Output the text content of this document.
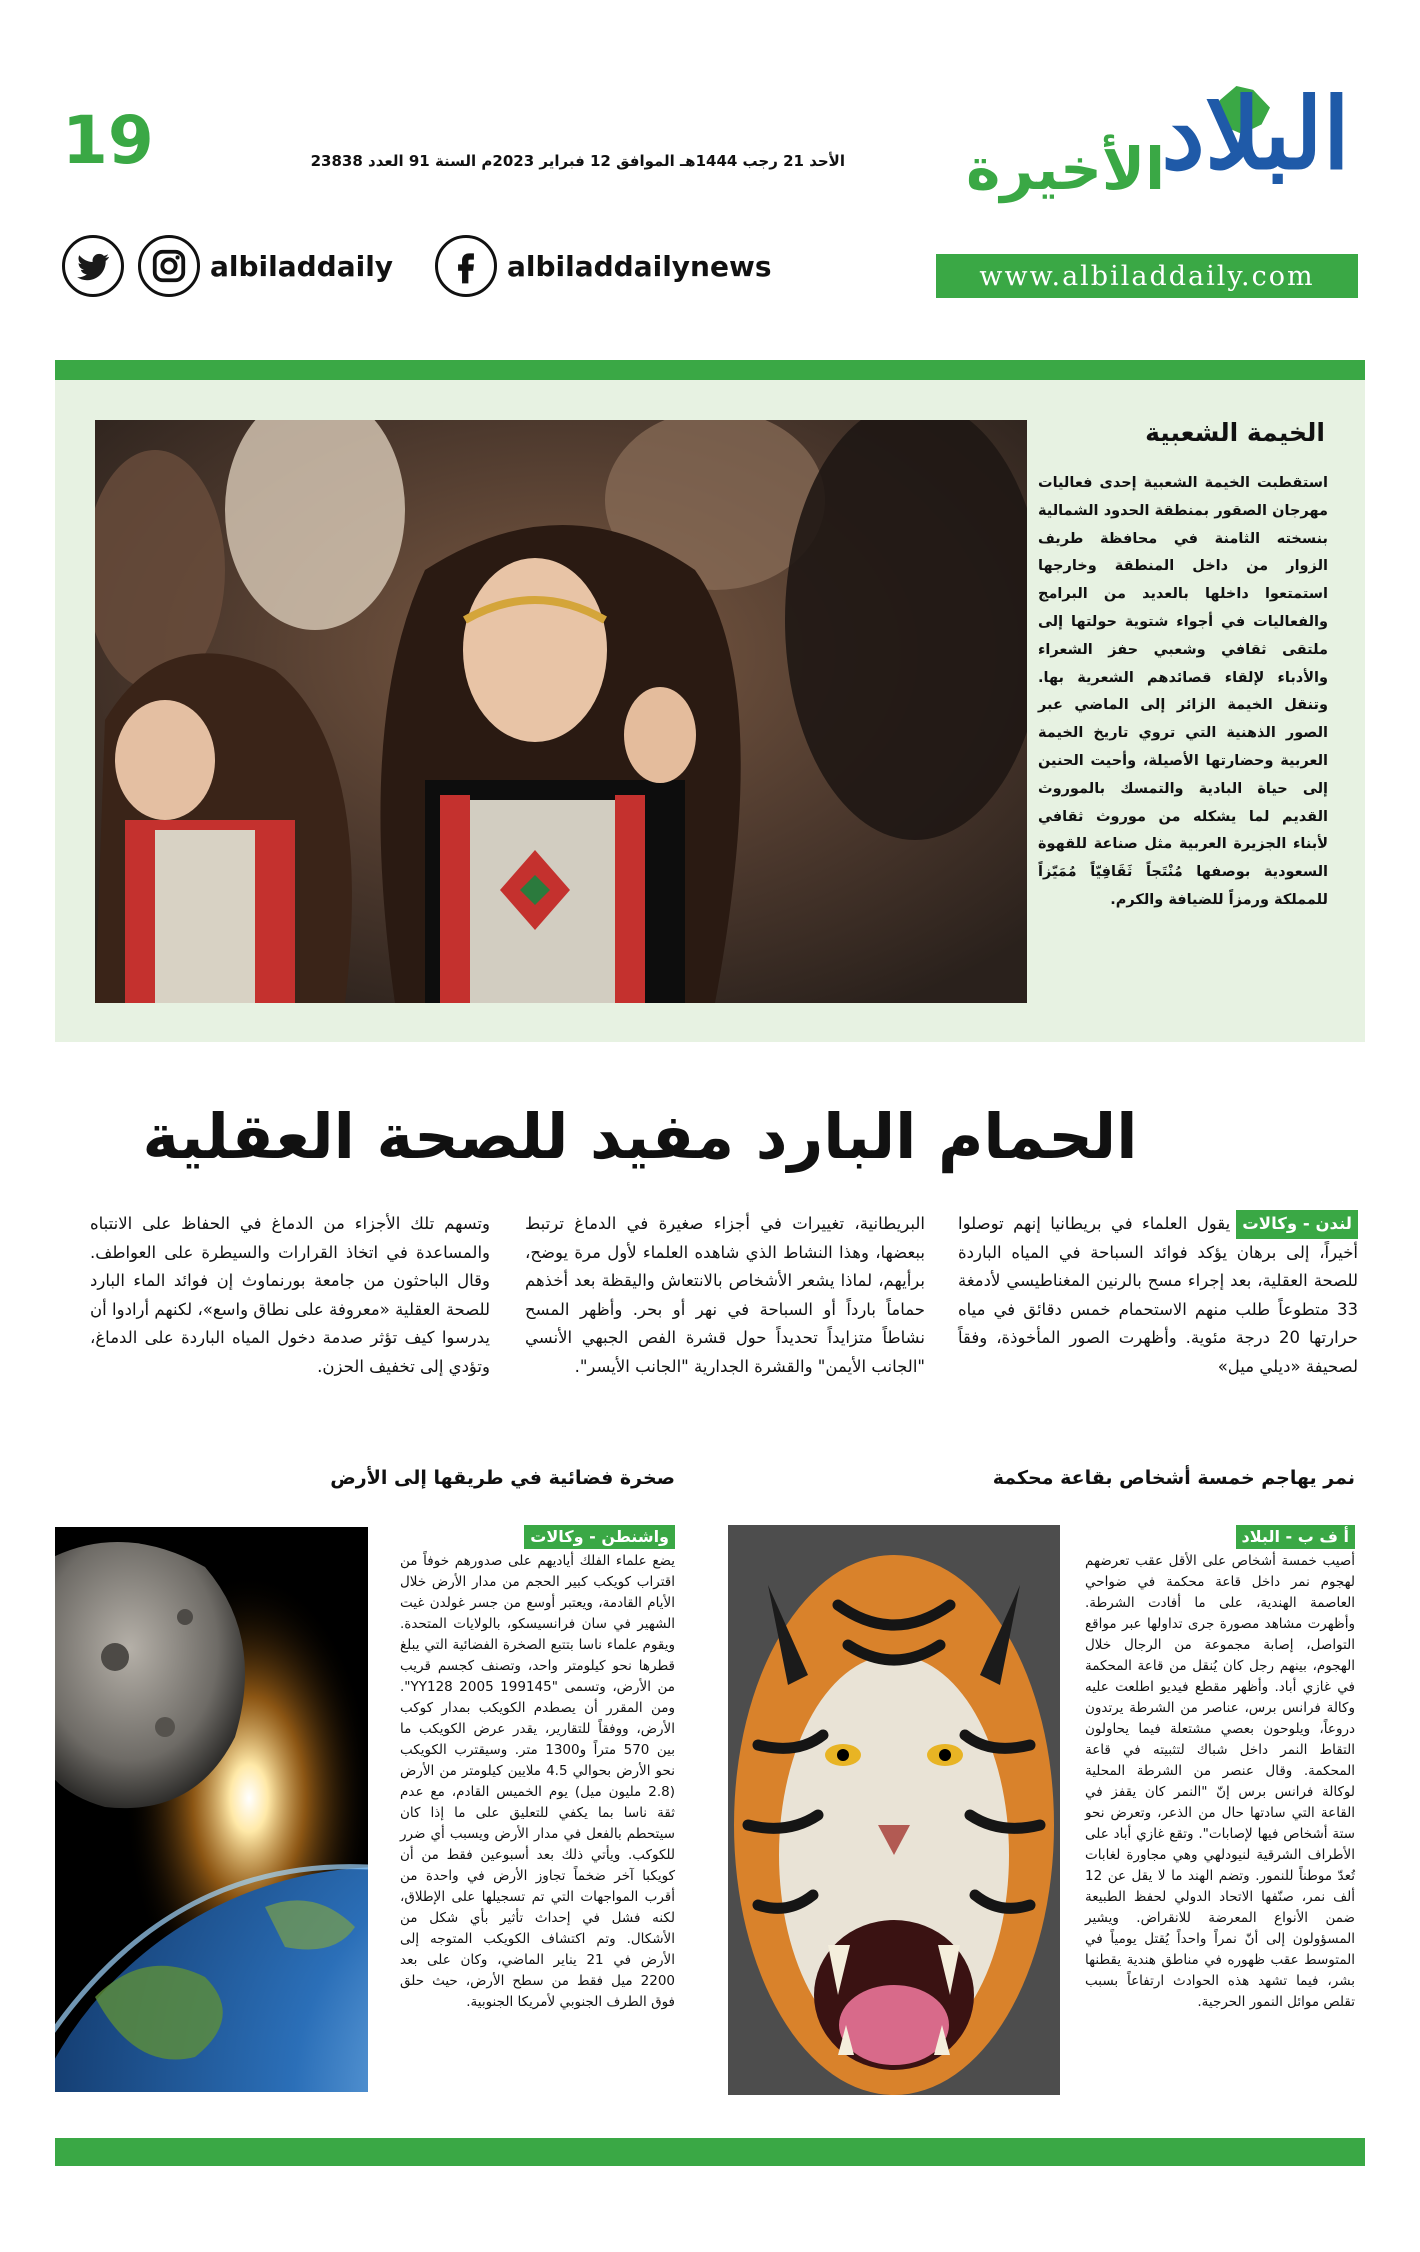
البلاد
الأخيرة
www.albiladdaily.com
الأحد 21 رجب 1444هـ الموافق 12 فبراير 2023م السنة 91 العدد 23838
19
albiladdailynews
albiladdaily
الخيمة الشعبية
استقطبت الخيمة الشعبية إحدى فعاليات مهرجان الصقور بمنطقة الحدود الشمالية بنسخته الثامنة في محافظة طريف الزوار من داخل المنطقة وخارجها استمتعوا داخلها بالعديد من البرامج والفعاليات في أجواء شتوية حولتها إلى ملتقى ثقافي وشعبي حفز الشعراء والأدباء لإلقاء قصائدهم الشعرية بها. وتنقل الخيمة الزائر إلى الماضي عبر الصور الذهنية التي تروي تاريخ الخيمة العربية وحضارتها الأصيلة، وأحيت الحنين إلى حياة البادية والتمسك بالموروث القديم لما يشكله من موروث ثقافي لأبناء الجزيرة العربية مثل صناعة للقهوة السعودية بوصفها مُنْتَجاً ثَقَافِيّاً مُمَيّزاً للمملكة ورمزاً للضيافة والكرم.
الحمام البارد مفيد للصحة العقلية
لندن - وكالاتيقول العلماء في بريطانيا إنهم توصلوا أخيراً، إلى برهان يؤكد فوائد السباحة في المياه الباردة للصحة العقلية، بعد إجراء مسح بالرنين المغناطيسي لأدمغة 33 متطوعاً طلب منهم الاستحمام خمس دقائق في مياه حرارتها 20 درجة مئوية. وأظهرت الصور المأخوذة، وفقاً لصحيفة «ديلي ميل»
البريطانية، تغييرات في أجزاء صغيرة في الدماغ ترتبط ببعضها، وهذا النشاط الذي شاهده العلماء لأول مرة يوضح، برأيهم، لماذا يشعر الأشخاص بالانتعاش واليقظة بعد أخذهم حماماً بارداً أو السباحة في نهر أو بحر. وأظهر المسح نشاطاً متزايداً تحديداً حول قشرة الفص الجبهي الأنسي "الجانب الأيمن" والقشرة الجدارية "الجانب الأيسر".
وتسهم تلك الأجزاء من الدماغ في الحفاظ على الانتباه والمساعدة في اتخاذ القرارات والسيطرة على العواطف. وقال الباحثون من جامعة بورنماوث إن فوائد الماء البارد للصحة العقلية «معروفة على نطاق واسع»، لكنهم أرادوا أن يدرسوا كيف تؤثر صدمة دخول المياه الباردة على الدماغ، وتؤدي إلى تخفيف الحزن.
نمر يهاجم خمسة أشخاص بقاعة محكمة
أ ف ب - البلاد
أصيب خمسة أشخاص على الأقل عقب تعرضهم لهجوم نمر داخل قاعة محكمة في ضواحي العاصمة الهندية، على ما أفادت الشرطة. وأظهرت مشاهد مصورة جرى تداولها عبر مواقع التواصل، إصابة مجموعة من الرجال خلال الهجوم، بينهم رجل كان يُنقل من قاعة المحكمة في غازي أباد. وأظهر مقطع فيديو اطلعت عليه وكالة فرانس برس، عناصر من الشرطة يرتدون دروعاً، ويلوحون بعصي مشتعلة فيما يحاولون التقاط النمر داخل شباك لتثبيته في قاعة المحكمة. وقال عنصر من الشرطة المحلية لوكالة فرانس برس إنّ "النمر كان يقفز في القاعة التي سادتها حال من الذعر، وتعرض نحو ستة أشخاص فيها لإصابات". وتقع غازي أباد على الأطراف الشرقية لنيودلهي وهي مجاورة لغابات تُعدّ موطناً للنمور. وتضم الهند ما لا يقل عن 12 ألف نمر، صنّفها الاتحاد الدولي لحفظ الطبيعة ضمن الأنواع المعرضة للانقراض. ويشير المسؤولون إلى أنّ نمراً واحداً يُقتل يومياً في المتوسط عقب ظهوره في مناطق هندية يقطنها بشر، فيما تشهد هذه الحوادث ارتفاعاً بسبب تقلص موائل النمور الحرجية.
صخرة فضائية في طريقها إلى الأرض
واشنطن - وكالات
يضع علماء الفلك أياديهم على صدورهم خوفاً من اقتراب كويكب كبير الحجم من مدار الأرض خلال الأيام القادمة، ويعتبر أوسع من جسر غولدن غيت الشهير في سان فرانسيسكو، بالولايات المتحدة. ويقوم علماء ناسا بتتبع الصخرة الفضائية التي يبلغ قطرها نحو كيلومتر واحد، وتصنف كجسم قريب من الأرض، وتسمى "199145 2005 YY128". ومن المقرر أن يصطدم الكويكب بمدار كوكب الأرض، ووفقاً للتقارير، يقدر عرض الكويكب ما بين 570 متراً و1300 متر. وسيقترب الكويكب نحو الأرض بحوالي 4.5 ملايين كيلومتر من الأرض (2.8 مليون ميل) يوم الخميس القادم، مع عدم ثقة ناسا بما يكفي للتعليق على ما إذا كان سيتحطم بالفعل في مدار الأرض ويسبب أي ضرر للكوكب. ويأتي ذلك بعد أسبوعين فقط من أن كويكبا آخر ضخماً تجاوز الأرض في واحدة من أقرب المواجهات التي تم تسجيلها على الإطلاق، لكنه فشل في إحداث تأثير بأي شكل من الأشكال. وتم اكتشاف الكويكب المتوجه إلى الأرض في 21 يناير الماضي، وكان على بعد 2200 ميل فقط من سطح الأرض، حيث حلق فوق الطرف الجنوبي لأمريكا الجنوبية.
